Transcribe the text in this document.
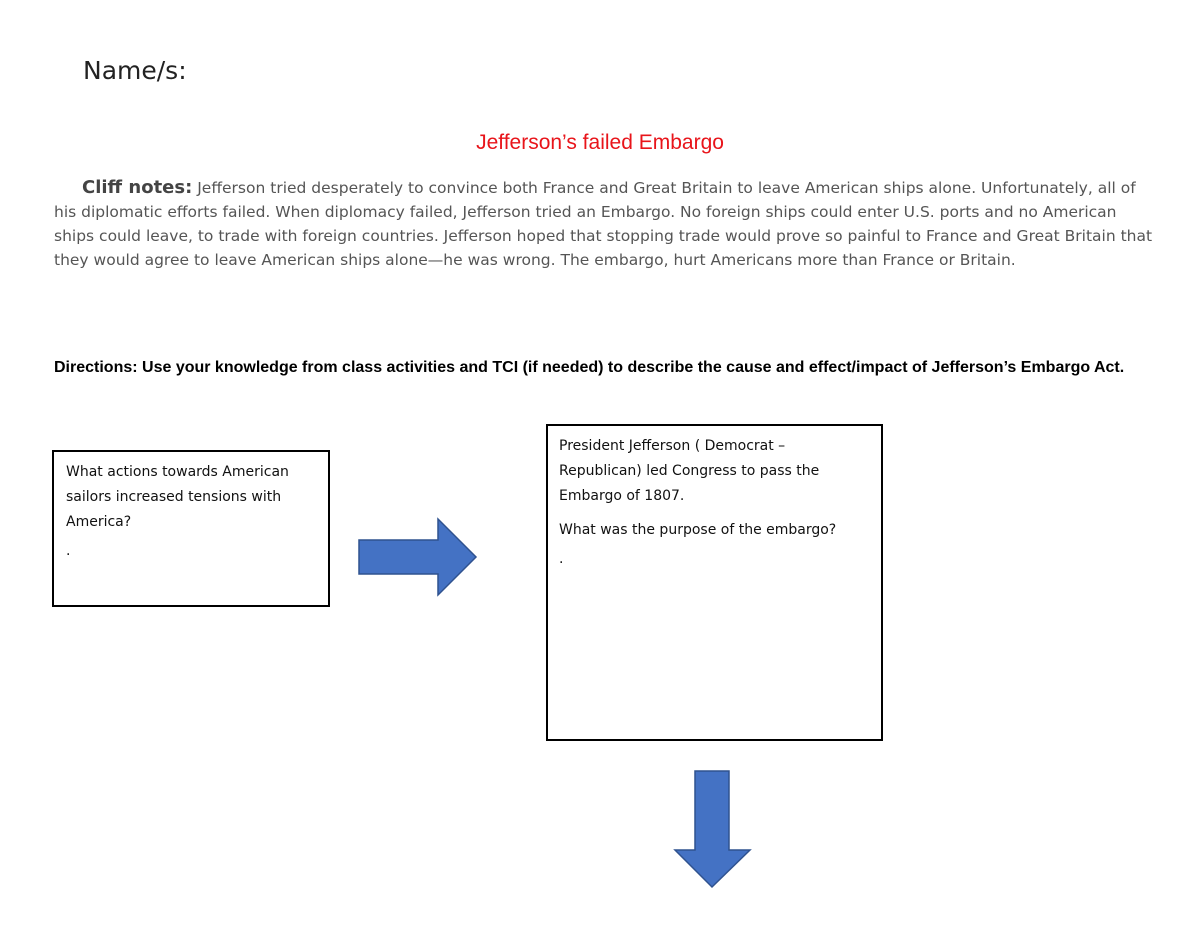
Name/s:
Jefferson’s failed Embargo
Cliff notes: Jefferson tried desperately to convince both France and Great Britain to leave American ships alone. Unfortunately, all of his diplomatic efforts failed. When diplomacy failed, Jefferson tried an Embargo. No foreign ships could enter U.S. ports and no American ships could leave, to trade with foreign countries. Jefferson hoped that stopping trade would prove so painful to France and Great Britain that they would agree to leave American ships alone—he was wrong. The embargo, hurt Americans more than France or Britain.
Directions: Use your knowledge from class activities and TCI (if needed) to describe the cause and effect/impact of Jefferson’s Embargo Act.

What actions towards American sailors increased tensions with America?

.

President Jefferson ( Democrat – Republican) led Congress to pass the Embargo of 1807.

What was the purpose of the embargo?

.
